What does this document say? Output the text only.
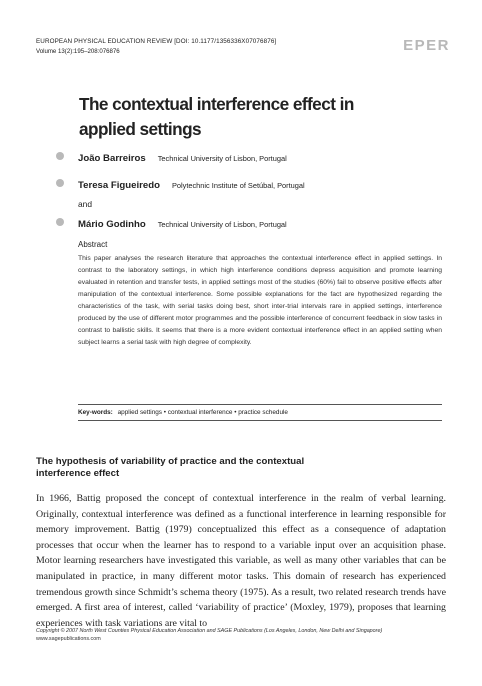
EUROPEAN PHYSICAL EDUCATION REVIEW [DOI: 10.1177/1356336X07076876]
Volume 13(2):195–208:076876	EPER
The contextual interference effect in applied settings
João Barreiros Technical University of Lisbon, Portugal
Teresa Figueiredo Polytechnic Institute of Setúbal, Portugal
and
Mário Godinho Technical University of Lisbon, Portugal
Abstract
This paper analyses the research literature that approaches the contextual interference effect in applied settings. In contrast to the laboratory settings, in which high interference conditions depress acquisition and promote learning evaluated in retention and transfer tests, in applied settings most of the studies (60%) fail to observe positive effects after manipulation of the contextual interference. Some possible explanations for the fact are hypothesized regarding the characteristics of the task, with serial tasks doing best, short inter-trial intervals rare in applied settings, interference produced by the use of different motor programmes and the possible interference of concurrent feedback in slow tasks in contrast to ballistic skills. It seems that there is a more evident contextual interference effect in an applied setting when subject learns a serial task with high degree of complexity.
Key-words: applied settings • contextual interference • practice schedule
The hypothesis of variability of practice and the contextual interference effect
In 1966, Battig proposed the concept of contextual interference in the realm of verbal learning. Originally, contextual interference was defined as a functional interference in learning responsible for memory improvement. Battig (1979) conceptualized this effect as a consequence of adaptation processes that occur when the learner has to respond to a variable input over an acquisition phase. Motor learning researchers have investigated this variable, as well as many other variables that can be manipulated in practice, in many different motor tasks. This domain of research has experienced tremendous growth since Schmidt’s schema theory (1975). As a result, two related research trends have emerged. A first area of interest, called ‘variability of practice’ (Moxley, 1979), proposes that learning experiences with task variations are vital to
Copyright © 2007 North West Counties Physical Education Association and SAGE Publications (Los Angeles, London, New Delhi and Singapore)
www.sagepublications.com
